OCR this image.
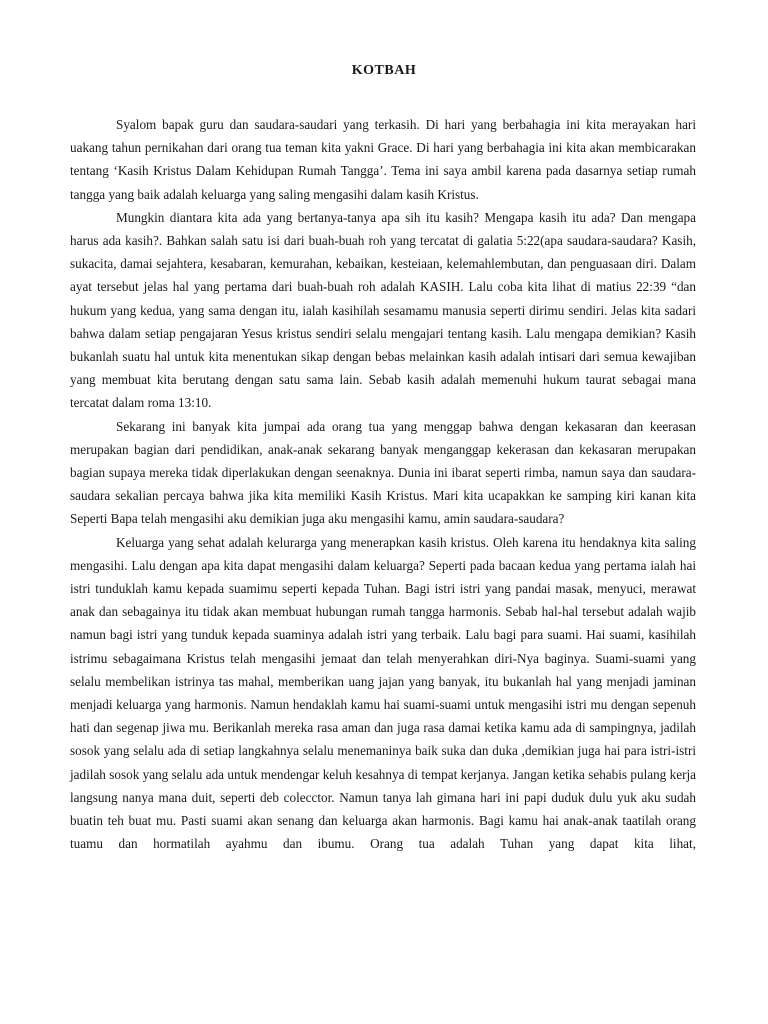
KOTBAH

Syalom bapak guru dan saudara-saudari yang terkasih. Di hari yang berbahagia ini kita merayakan hari uakang tahun pernikahan dari orang tua teman kita yakni Grace. Di hari yang berbahagia ini kita akan membicarakan tentang ‘Kasih Kristus Dalam Kehidupan Rumah Tangga’. Tema ini saya ambil karena pada dasarnya setiap rumah tangga yang baik adalah keluarga yang saling mengasihi dalam kasih Kristus.

Mungkin diantara kita ada yang bertanya-tanya apa sih itu kasih? Mengapa kasih itu ada? Dan mengapa harus ada kasih?. Bahkan salah satu isi dari buah-buah roh yang tercatat di galatia 5:22(apa saudara-saudara? Kasih, sukacita, damai sejahtera, kesabaran, kemurahan, kebaikan, kesteiaan, kelemahlembutan, dan penguasaan diri. Dalam ayat tersebut jelas hal yang pertama dari buah-buah roh adalah KASIH. Lalu coba kita lihat di matius 22:39 “dan hukum yang kedua, yang sama dengan itu, ialah kasihilah sesamamu manusia seperti dirimu sendiri. Jelas kita sadari bahwa dalam setiap pengajaran Yesus kristus sendiri selalu mengajari tentang kasih. Lalu mengapa demikian? Kasih bukanlah suatu hal untuk kita menentukan sikap dengan bebas melainkan kasih adalah intisari dari semua kewajiban yang membuat kita berutang dengan satu sama lain. Sebab kasih adalah memenuhi hukum taurat sebagai mana tercatat dalam roma 13:10.

Sekarang ini banyak kita jumpai ada orang tua yang menggap bahwa dengan kekasaran dan keerasan merupakan bagian dari pendidikan, anak-anak sekarang banyak menganggap kekerasan dan kekasaran merupakan bagian supaya mereka tidak diperlakukan dengan seenaknya. Dunia ini ibarat seperti rimba, namun saya dan saudara-saudara sekalian percaya bahwa jika kita memiliki Kasih Kristus. Mari kita ucapakkan ke samping kiri kanan kita Seperti Bapa telah mengasihi aku demikian juga aku mengasihi kamu, amin saudara-saudara?

Keluarga yang sehat adalah kelurarga yang menerapkan kasih kristus. Oleh karena itu hendaknya kita saling mengasihi. Lalu dengan apa kita dapat mengasihi dalam keluarga? Seperti pada bacaan kedua yang pertama ialah hai istri tunduklah kamu kepada suamimu seperti kepada Tuhan. Bagi istri istri yang pandai masak, menyuci, merawat anak dan sebagainya itu tidak akan membuat hubungan rumah tangga harmonis. Sebab hal-hal tersebut adalah wajib namun bagi istri yang tunduk kepada suaminya adalah istri yang terbaik. Lalu bagi para suami. Hai suami, kasihilah istrimu sebagaimana Kristus telah mengasihi jemaat dan telah menyerahkan diri-Nya baginya. Suami-suami yang selalu membelikan istrinya tas mahal, memberikan uang jajan yang banyak, itu bukanlah hal yang menjadi jaminan menjadi keluarga yang harmonis. Namun hendaklah kamu hai suami-suami untuk mengasihi istri mu dengan sepenuh hati dan segenap jiwa mu. Berikanlah mereka rasa aman dan juga rasa damai ketika kamu ada di sampingnya, jadilah sosok yang selalu ada di setiap langkahnya selalu menemaninya baik suka dan duka ,demikian juga hai para istri-istri jadilah sosok yang selalu ada untuk mendengar keluh kesahnya di tempat kerjanya. Jangan ketika sehabis pulang kerja langsung nanya mana duit, seperti deb colecctor. Namun tanya lah gimana hari ini papi duduk dulu yuk aku sudah buatin teh buat mu. Pasti suami akan senang dan keluarga akan harmonis. Bagi kamu hai anak-anak taatilah orang tuamu dan hormatilah ayahmu dan ibumu. Orang tua adalah Tuhan yang dapat kita lihat,
